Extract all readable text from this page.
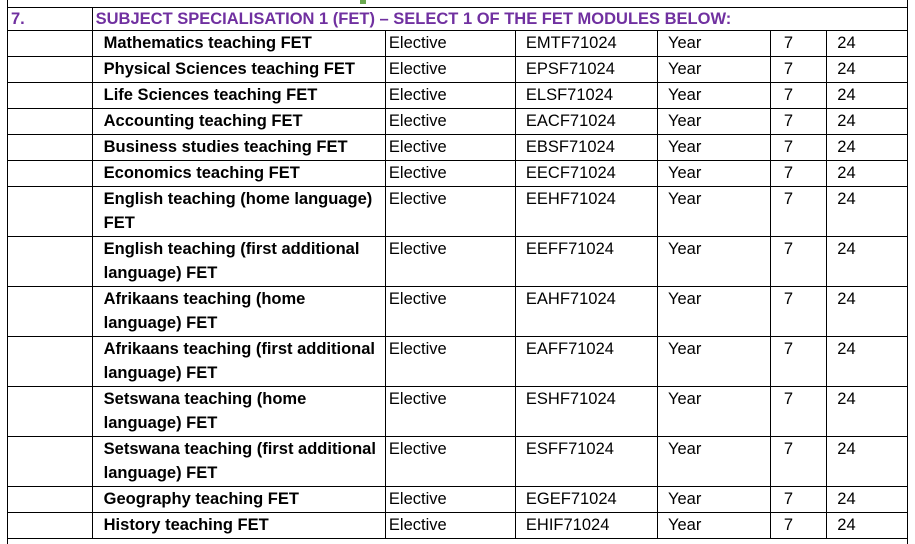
7.	SUBJECT SPECIALISATION 1 (FET) – SELECT 1 OF THE FET MODULES BELOW:					
	Mathematics teaching FET	Elective	EMTF71024	Year	7	24
	Physical Sciences teaching FET	Elective	EPSF71024	Year	7	24
	Life Sciences teaching FET	Elective	ELSF71024	Year	7	24
	Accounting teaching FET	Elective	EACF71024	Year	7	24
	Business studies teaching FET	Elective	EBSF71024	Year	7	24
	Economics teaching FET	Elective	EECF71024	Year	7	24
	English teaching (home language) FET	Elective	EEHF71024	Year	7	24
	English teaching (first additional language) FET	Elective	EEFF71024	Year	7	24
	Afrikaans teaching (home language) FET	Elective	EAHF71024	Year	7	24
	Afrikaans teaching (first additional language) FET	Elective	EAFF71024	Year	7	24
	Setswana teaching (home language) FET	Elective	ESHF71024	Year	7	24
	Setswana teaching (first additional language) FET	Elective	ESFF71024	Year	7	24
	Geography teaching FET	Elective	EGEF71024	Year	7	24
	History teaching FET	Elective	EHIF71024	Year	7	24
